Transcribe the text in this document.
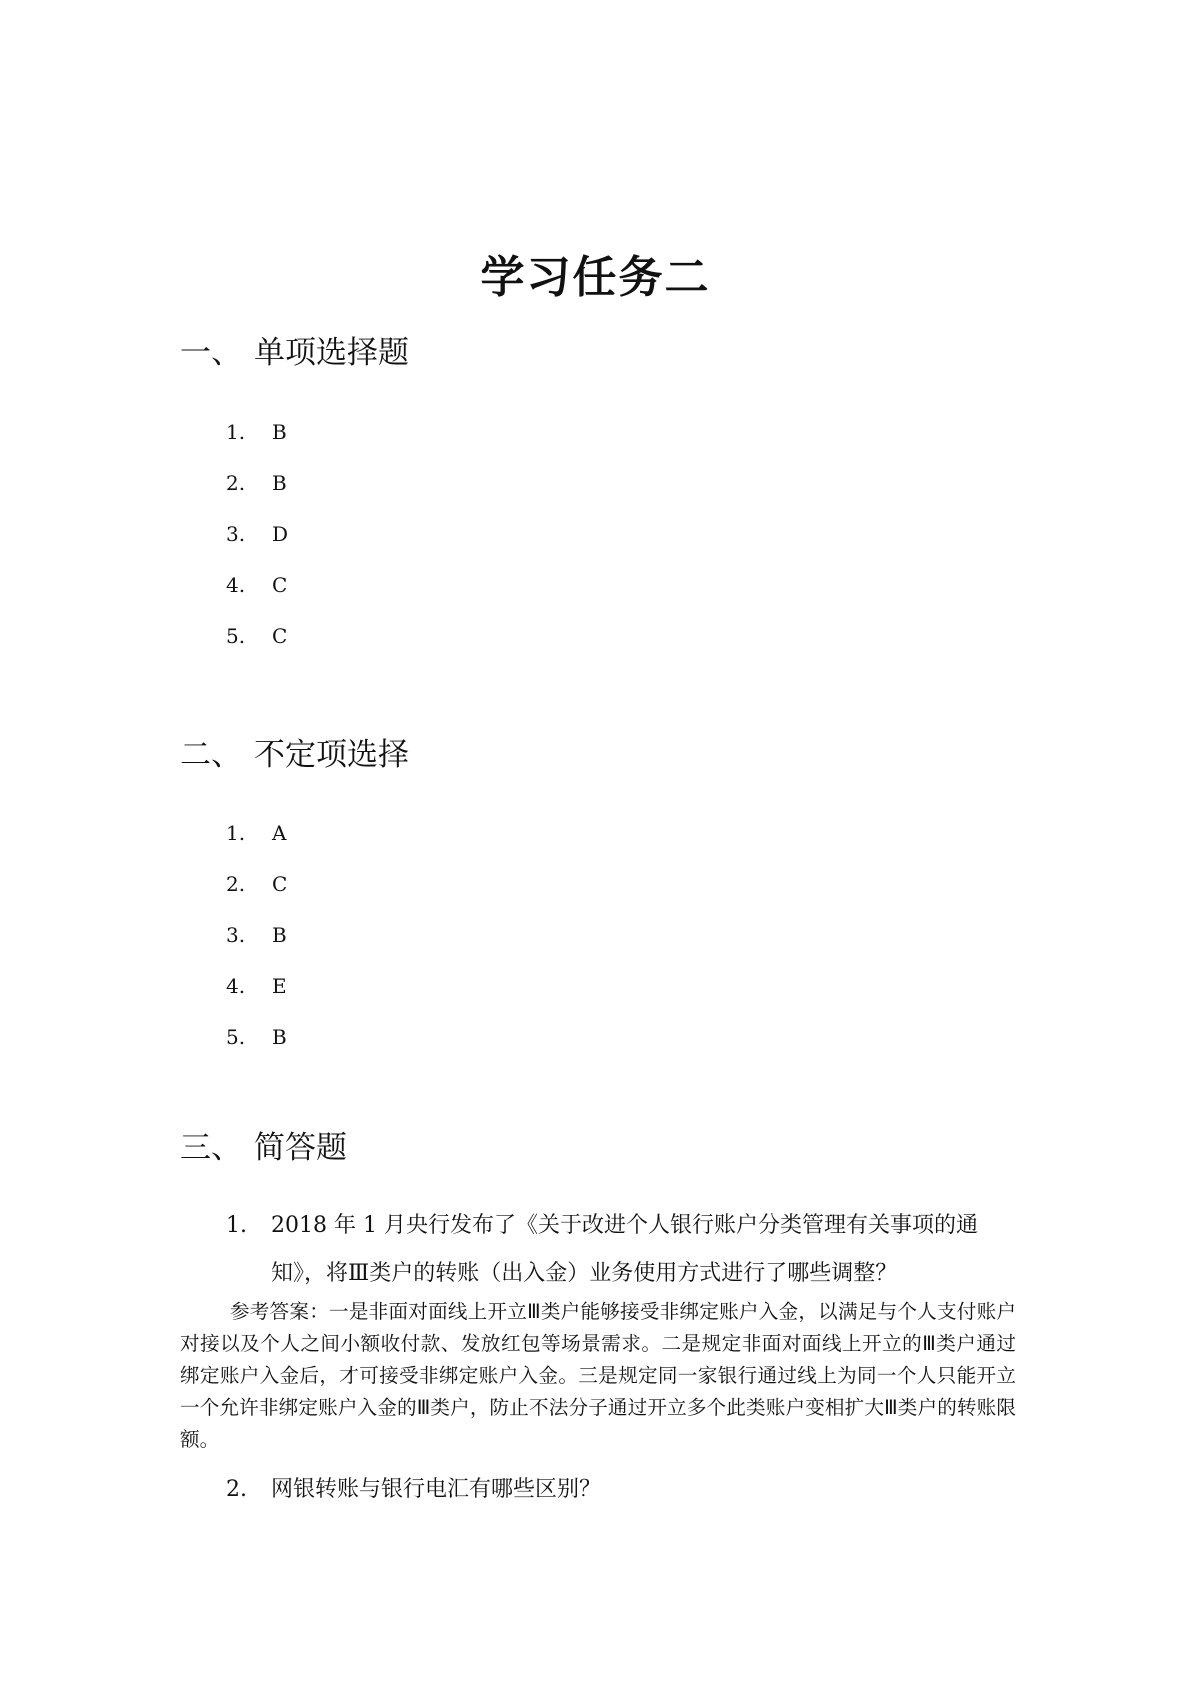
学习任务二
一、 单项选择题
1. B
2. B
3. D
4. C
5. C
二、 不定项选择
1. A
2. C
3. B
4. E
5. B
三、 简答题
1. 2018 年 1 月央行发布了《关于改进个人银行账户分类管理有关事项的通知》，将Ⅲ类户的转账（出入金）业务使用方式进行了哪些调整？

参考答案：一是非面对面线上开立Ⅲ类户能够接受非绑定账户入金，以满足与个人支付账户对接以及个人之间小额收付款、发放红包等场景需求。二是规定非面对面线上开立的Ⅲ类户通过绑定账户入金后，才可接受非绑定账户入金。三是规定同一家银行通过线上为同一个人只能开立一个允许非绑定账户入金的Ⅲ类户，防止不法分子通过开立多个此类账户变相扩大Ⅲ类户的转账限额。

2. 网银转账与银行电汇有哪些区别？
